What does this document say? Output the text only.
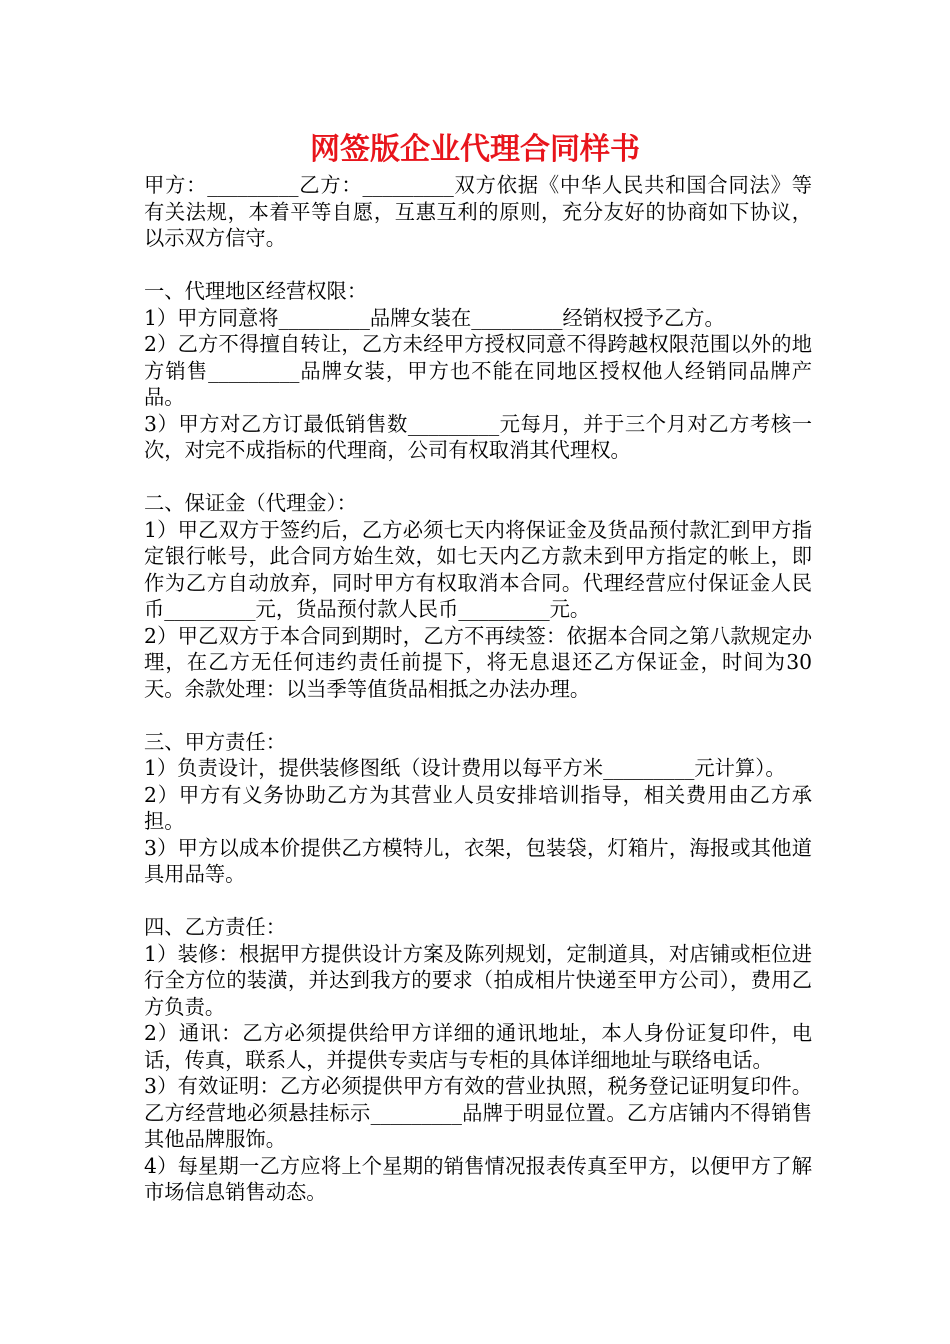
网签版企业代理合同样书

甲方：_________乙方：_________双方依据《中华人民共和国合同法》等有关法规，本着平等自愿，互惠互利的原则，充分友好的协商如下协议，以示双方信守。

一、代理地区经营权限：

1）甲方同意将_________品牌女装在_________经销权授予乙方。

2）乙方不得擅自转让，乙方未经甲方授权同意不得跨越权限范围以外的地方销售_________品牌女装，甲方也不能在同地区授权他人经销同品牌产品。

3）甲方对乙方订最低销售数_________元每月，并于三个月对乙方考核一次，对完不成指标的代理商，公司有权取消其代理权。

二、保证金（代理金）：

1）甲乙双方于签约后，乙方必须七天内将保证金及货品预付款汇到甲方指定银行帐号，此合同方始生效，如七天内乙方款未到甲方指定的帐上，即作为乙方自动放弃，同时甲方有权取消本合同。代理经营应付保证金人民币_________元，货品预付款人民币_________元。

2）甲乙双方于本合同到期时，乙方不再续签：依据本合同之第八款规定办理，在乙方无任何违约责任前提下，将无息退还乙方保证金，时间为30天。余款处理：以当季等值货品相抵之办法办理。

三、甲方责任：

1）负责设计，提供装修图纸（设计费用以每平方米_________元计算）。

2）甲方有义务协助乙方为其营业人员安排培训指导，相关费用由乙方承担。

3）甲方以成本价提供乙方模特儿，衣架，包装袋，灯箱片，海报或其他道具用品等。

四、乙方责任：

1）装修：根据甲方提供设计方案及陈列规划，定制道具，对店铺或柜位进行全方位的装潢，并达到我方的要求（拍成相片快递至甲方公司），费用乙方负责。

2）通讯：乙方必须提供给甲方详细的通讯地址，本人身份证复印件，电话，传真，联系人，并提供专卖店与专柜的具体详细地址与联络电话。

3）有效证明：乙方必须提供甲方有效的营业执照，税务登记证明复印件。乙方经营地必须悬挂标示_________品牌于明显位置。乙方店铺内不得销售其他品牌服饰。

4）每星期一乙方应将上个星期的销售情况报表传真至甲方，以便甲方了解市场信息销售动态。
